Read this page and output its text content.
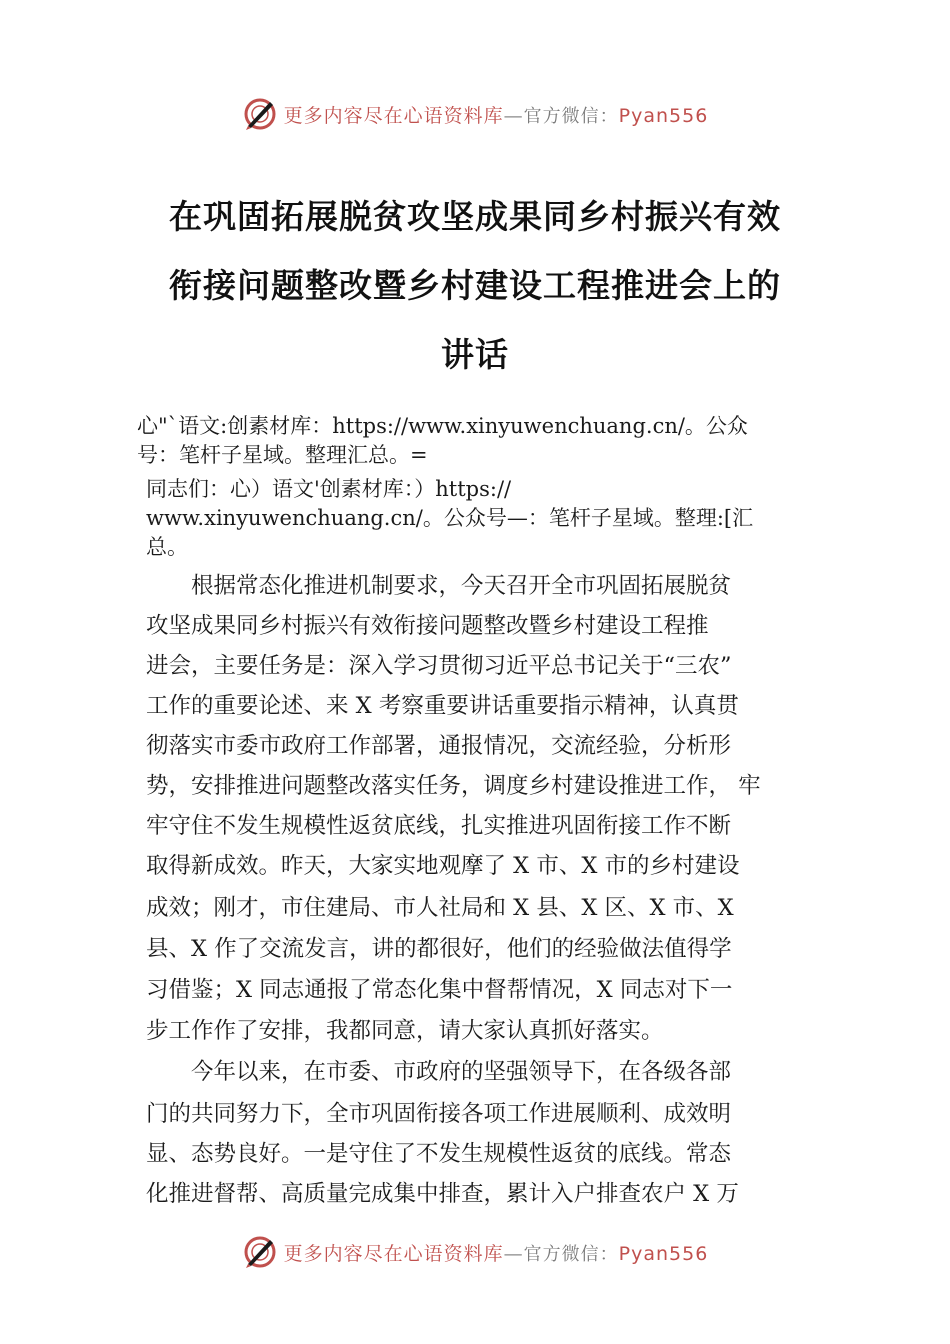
更多内容尽在心语资料库—官方微信：Pyan556
在巩固拓展脱贫攻坚成果同乡村振兴有效
衔接问题整改暨乡村建设工程推进会上的
讲话
心"`语文:创素材库：https://www.xinyuwenchuang.cn/。公众
号：笔杆子星域。整理汇总。=
同志们：心）语文'创素材库：）https://
www.xinyuwenchuang.cn/。公众号—：笔杆子星域。整理:[汇
总。
　　根据常态化推进机制要求，今天召开全市巩固拓展脱贫
攻坚成果同乡村振兴有效衔接问题整改暨乡村建设工程推
进会，主要任务是：深入学习贯彻习近平总书记关于“三农”
工作的重要论述、来 X 考察重要讲话重要指示精神，认真贯
彻落实市委市政府工作部署，通报情况，交流经验，分析形
势，安排推进问题整改落实任务，调度乡村建设推进工作， 牢
牢守住不发生规模性返贫底线，扎实推进巩固衔接工作不断
取得新成效。昨天，大家实地观摩了 X 市、X 市的乡村建设
成效；刚才，市住建局、市人社局和 X 县、X 区、X 市、X
县、X 作了交流发言，讲的都很好，他们的经验做法值得学
习借鉴；X 同志通报了常态化集中督帮情况，X 同志对下一
步工作作了安排，我都同意，请大家认真抓好落实。
　　今年以来，在市委、市政府的坚强领导下，在各级各部
门的共同努力下，全市巩固衔接各项工作进展顺利、成效明
显、态势良好。一是守住了不发生规模性返贫的底线。常态
化推进督帮、高质量完成集中排查，累计入户排查农户 X 万
更多内容尽在心语资料库—官方微信：Pyan556
